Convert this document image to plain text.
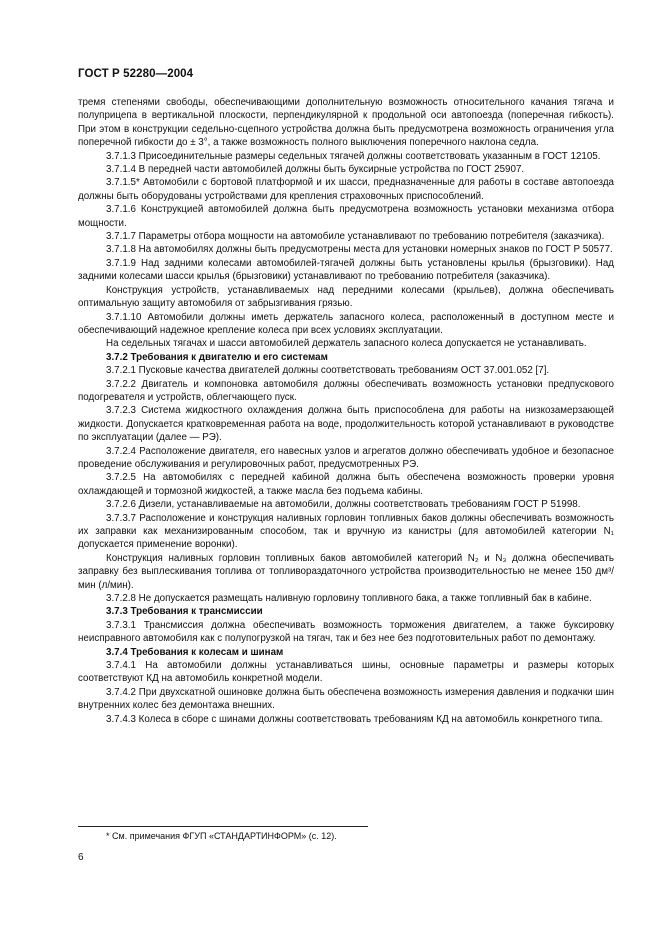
ГОСТ Р 52280—2004

тремя степенями свободы, обеспечивающими дополнительную возможность относительного качания тягача и полуприцепа в вертикальной плоскости, перпендикулярной к продольной оси автопоезда (поперечная гибкость). При этом в конструкции седельно-сцепного устройства должна быть предусмотрена возможность ограничения угла поперечной гибкости до ± 3°, а также возможность полного выключения поперечного наклона седла.

3.7.1.3 Присоединительные размеры седельных тягачей должны соответствовать указанным в ГОСТ 12105.

3.7.1.4 В передней части автомобилей должны быть буксирные устройства по ГОСТ 25907.

3.7.1.5* Автомобили с бортовой платформой и их шасси, предназначенные для работы в составе автопоезда должны быть оборудованы устройствами для крепления страховочных приспособлений.

3.7.1.6 Конструкцией автомобилей должна быть предусмотрена возможность установки механизма отбора мощности.

3.7.1.7 Параметры отбора мощности на автомобиле устанавливают по требованию потребителя (заказчика).

3.7.1.8 На автомобилях должны быть предусмотрены места для установки номерных знаков по ГОСТ Р 50577.

3.7.1.9 Над задними колесами автомобилей-тягачей должны быть установлены крылья (брызговики). Над задними колесами шасси крылья (брызговики) устанавливают по требованию потребителя (заказчика).

Конструкция устройств, устанавливаемых над передними колесами (крыльев), должна обеспечивать оптимальную защиту автомобиля от забрызгивания грязью.

3.7.1.10 Автомобили должны иметь держатель запасного колеса, расположенный в доступном месте и обеспечивающий надежное крепление колеса при всех условиях эксплуатации.

На седельных тягачах и шасси автомобилей держатель запасного колеса допускается не устанавливать.

3.7.2 Требования к двигателю и его системам

3.7.2.1 Пусковые качества двигателей должны соответствовать требованиям ОСТ 37.001.052 [7].

3.7.2.2 Двигатель и компоновка автомобиля должны обеспечивать возможность установки предпускового подогревателя и устройств, облегчающего пуск.

3.7.2.3 Система жидкостного охлаждения должна быть приспособлена для работы на низкозамерзающей жидкости. Допускается кратковременная работа на воде, продолжительность которой устанавливают в руководстве по эксплуатации (далее — РЭ).

3.7.2.4 Расположение двигателя, его навесных узлов и агрегатов должно обеспечивать удобное и безопасное проведение обслуживания и регулировочных работ, предусмотренных РЭ.

3.7.2.5 На автомобилях с передней кабиной должна быть обеспечена возможность проверки уровня охлаждающей и тормозной жидкостей, а также масла без подъема кабины.

3.7.2.6 Дизели, устанавливаемые на автомобили, должны соответствовать требованиям ГОСТ Р 51998.

3.7.3.7 Расположение и конструкция наливных горловин топливных баков должны обеспечивать возможность их заправки как механизированным способом, так и вручную из канистры (для автомобилей категории N₁ допускается применение воронки).

Конструкция наливных горловин топливных баков автомобилей категорий N₂ и N₃ должна обеспечивать заправку без выплескивания топлива от топливораздаточного устройства производительностью не менее 150 дм³/мин (л/мин).

3.7.2.8 Не допускается размещать наливную горловину топливного бака, а также топливный бак в кабине.

3.7.3 Требования к трансмиссии

3.7.3.1 Трансмиссия должна обеспечивать возможность торможения двигателем, а также буксировку неисправного автомобиля как с полупогрузкой на тягач, так и без нее без подготовительных работ по демонтажу.

3.7.4 Требования к колесам и шинам

3.7.4.1 На автомобили должны устанавливаться шины, основные параметры и размеры которых соответствуют КД на автомобиль конкретной модели.

3.7.4.2 При двухскатной ошиновке должна быть обеспечена возможность измерения давления и подкачки шин внутренних колес без демонтажа внешних.

3.7.4.3 Колеса в сборе с шинами должны соответствовать требованиям КД на автомобиль конкретного типа.

* См. примечания ФГУП «СТАНДАРТИНФОРМ» (с. 12).
6
